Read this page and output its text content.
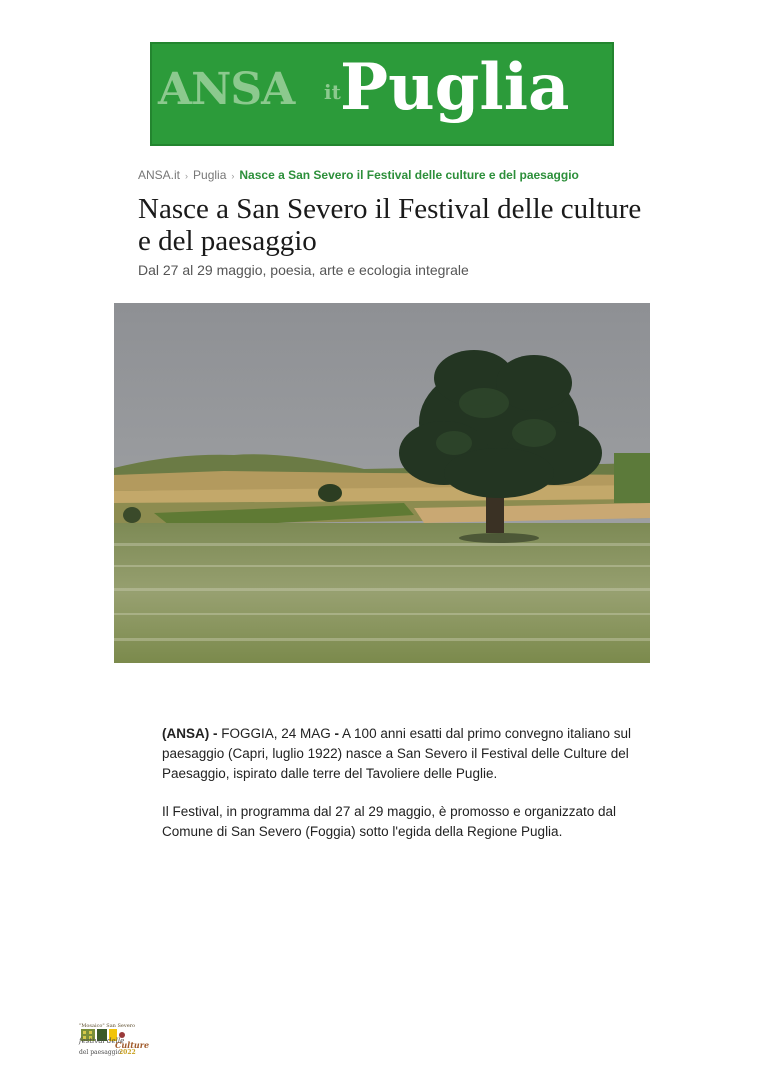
ANSA it Puglia
ANSA.it › Puglia › Nasce a San Severo il Festival delle culture e del paesaggio
Nasce a San Severo il Festival delle culture e del paesaggio
Dal 27 al 29 maggio, poesia, arte e ecologia integrale

(ANSA) - FOGGIA, 24 MAG - A 100 anni esatti dal primo convegno italiano sul paesaggio (Capri, luglio 1922) nasce a San Severo il Festival delle Culture del Paesaggio, ispirato dalle terre del Tavoliere delle Puglie.

Il Festival, in programma dal 27 al 29 maggio, è promosso e organizzato dal Comune di San Severo (Foggia) sotto l'egida della Regione Puglia.

"Mosaico" San Severo
festival delle
Culture
del paesaggio
2022
